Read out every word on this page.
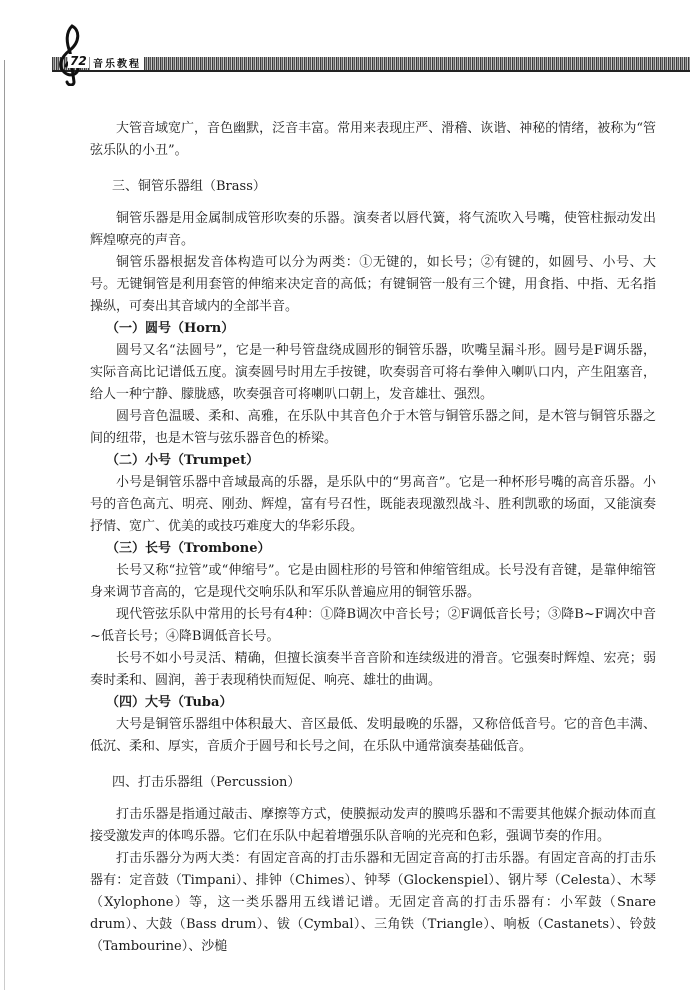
72 音乐教程

大管音域宽广，音色幽默，泛音丰富。常用来表现庄严、滑稽、诙谐、神秘的情绪，被称为“管弦乐队的小丑”。

三、铜管乐器组（Brass）

铜管乐器是用金属制成管形吹奏的乐器。演奏者以唇代簧，将气流吹入号嘴，使管柱振动发出辉煌嘹亮的声音。

铜管乐器根据发音体构造可以分为两类：①无键的，如长号；②有键的，如圆号、小号、大号。无键铜管是利用套管的伸缩来决定音的高低；有键铜管一般有三个键，用食指、中指、无名指操纵，可奏出其音域内的全部半音。

（一）圆号（Horn）

圆号又名“法圆号”，它是一种号管盘绕成圆形的铜管乐器，吹嘴呈漏斗形。圆号是F调乐器，实际音高比记谱低五度。演奏圆号时用左手按键，吹奏弱音可将右拳伸入喇叭口内，产生阻塞音，给人一种宁静、朦胧感，吹奏强音可将喇叭口朝上，发音雄壮、强烈。

圆号音色温暖、柔和、高雅，在乐队中其音色介于木管与铜管乐器之间，是木管与铜管乐器之间的纽带，也是木管与弦乐器音色的桥梁。

（二）小号（Trumpet）

小号是铜管乐器中音域最高的乐器，是乐队中的“男高音”。它是一种杯形号嘴的高音乐器。小号的音色高亢、明亮、刚劲、辉煌，富有号召性，既能表现激烈战斗、胜利凯歌的场面，又能演奏抒情、宽广、优美的或技巧难度大的华彩乐段。

（三）长号（Trombone）

长号又称“拉管”或“伸缩号”。它是由圆柱形的号管和伸缩管组成。长号没有音键，是靠伸缩管身来调节音高的，它是现代交响乐队和军乐队普遍应用的铜管乐器。

现代管弦乐队中常用的长号有4种：①降B调次中音长号；②F调低音长号；③降B~F调次中音~低音长号；④降B调低音长号。

长号不如小号灵活、精确，但擅长演奏半音音阶和连续级进的滑音。它强奏时辉煌、宏亮；弱奏时柔和、圆润，善于表现稍快而短促、响亮、雄壮的曲调。

（四）大号（Tuba）

大号是铜管乐器组中体积最大、音区最低、发明最晚的乐器，又称倍低音号。它的音色丰满、低沉、柔和、厚实，音质介于圆号和长号之间，在乐队中通常演奏基础低音。

四、打击乐器组（Percussion）

打击乐器是指通过敲击、摩擦等方式，使膜振动发声的膜鸣乐器和不需要其他媒介振动体而直接受激发声的体鸣乐器。它们在乐队中起着增强乐队音响的光亮和色彩，强调节奏的作用。

打击乐器分为两大类：有固定音高的打击乐器和无固定音高的打击乐器。有固定音高的打击乐器有：定音鼓（Timpani）、排钟（Chimes）、钟琴（Glockenspiel）、钢片琴（Celesta）、木琴（Xylophone）等，这一类乐器用五线谱记谱。无固定音高的打击乐器有：小军鼓（Snare drum）、大鼓（Bass drum）、钹（Cymbal）、三角铁（Triangle）、响板（Castanets）、铃鼓（Tambourine）、沙槌
